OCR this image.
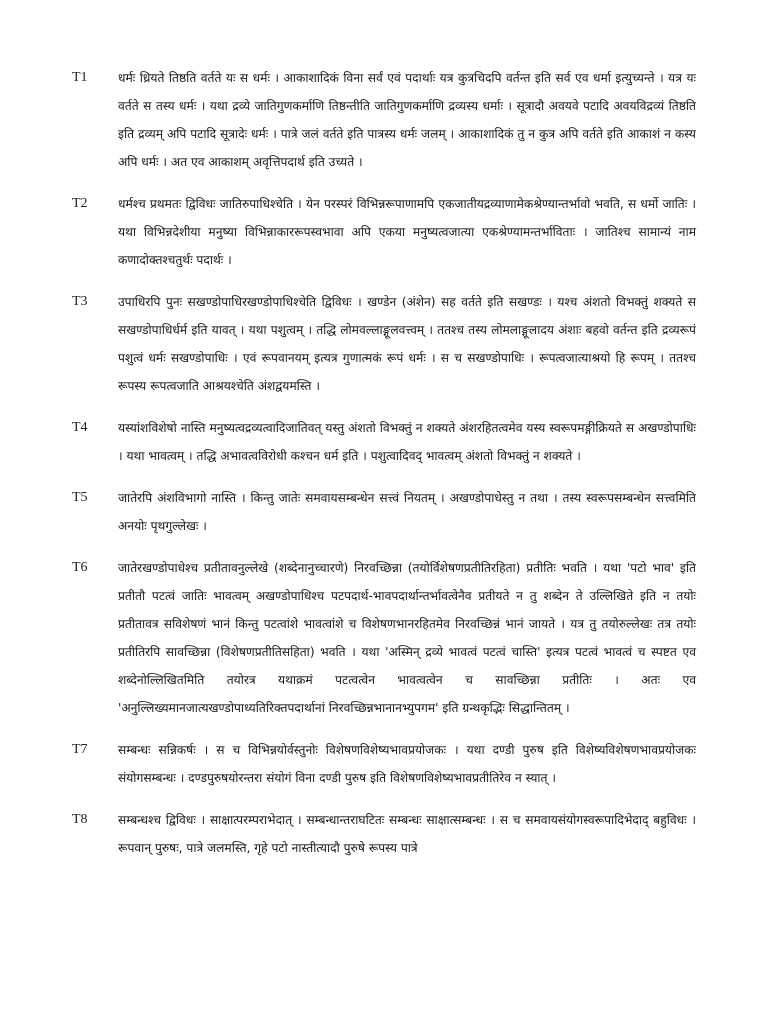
T1	धर्मः ध्रियते तिष्ठति वर्तते यः स धर्मः । आकाशादिकं विना सर्वं एवं पदार्थाः यत्र कुत्रचिदपि वर्तन्त इति सर्व एव धर्मा इत्युच्यन्ते । यत्र यः वर्तते स तस्य धर्मः । यथा द्रव्ये जातिगुणकर्माणि तिष्ठन्तीति जातिगुणकर्माणि द्रव्यस्य धर्माः । सूत्रादौ अवयवे पटादि अवयविद्रव्यं तिष्ठति इति द्रव्यम् अपि पटादि सूत्रादेः धर्मः । पात्रे जलं वर्तते इति पात्रस्य धर्मः जलम् । आकाशादिकं तु न कुत्र अपि वर्तते इति आकाशं न कस्य अपि धर्मः । अत एव आकाशम् अवृत्तिपदार्थ इति उच्यते ।
T2	धर्मश्च प्रथमतः द्विविधः जातिरुपाधिश्चेति । येन परस्परं विभिन्नरूपाणामपि एकजातीयद्रव्याणामेकश्रेण्यान्तर्भावो भवति, स धर्मो जातिः । यथा विभिन्नदेशीया मनुष्या विभिन्नाकाररूपस्वभावा अपि एकया मनुष्यत्वजात्या एकश्रेण्यामन्तर्भाविताः । जातिश्च सामान्यं नाम कणादोक्तश्चतुर्थः पदार्थः ।
T3	उपाधिरपि पुनः सखण्डोपाधिरखण्डोपाधिश्चेति द्विविधः । खण्डेन (अंशेन) सह वर्तते इति सखण्डः । यश्च अंशतो विभक्तुं शक्यते स सखण्डोपाधिर्धर्म इति यावत् । यथा पशुत्वम् । तद्धि लोमवल्लाङ्गूलवत्त्वम् । ततश्च तस्य लोमलाङ्गूलादय अंशाः बहवो वर्तन्त इति द्रव्यरूपं पशुत्वं धर्मः सखण्डोपाधिः । एवं रूपवानयम् इत्यत्र गुणात्मकं रूपं धर्मः । स च सखण्डोपाधिः । रूपत्वजात्याश्रयो हि रूपम् । ततश्च रूपस्य रूपत्वजाति आश्रयश्चेति अंशद्वयमस्ति ।
T4	यस्यांशविशेषो नास्ति मनुष्यत्वद्रव्यत्वादिजातिवत् यस्तु अंशतो विभक्तुं न शक्यते अंशरहितत्वमेव यस्य स्वरूपमङ्गीक्रियते स अखण्डोपाधिः । यथा भावत्वम् । तद्धि अभावत्वविरोधी कश्चन धर्म इति । पशुत्वादिवद् भावत्वम् अंशतो विभक्तुं न शक्यते ।
T5	जातेरपि अंशविभागो नास्ति । किन्तु जातेः समवायसम्बन्धेन सत्त्वं नियतम् । अखण्डोपाधेस्तु न तथा । तस्य स्वरूपसम्बन्धेन सत्त्वमिति अनयोः पृथगुल्लेखः ।
T6	जातेरखण्डोपाधेश्च प्रतीतावनुल्लेखे (शब्देनानुच्चारणे) निरवच्छिन्ना (तयोर्विशेषणप्रतीतिरहिता) प्रतीतिः भवति । यथा 'पटो भाव' इति प्रतीतौ पटत्वं जातिः भावत्वम् अखण्डोपाधिश्च पटपदार्थ-भावपदार्थान्तर्भावत्वेनैव प्रतीयते न तु शब्देन ते उल्लिखिते इति न तयोः प्रतीतावत्र सविशेषणं भानं किन्तु पटत्वांशे भावत्वांशे च विशेषणभानरहितमेव निरवच्छिन्नं भानं जायते । यत्र तु तयोरुल्लेखः तत्र तयोः प्रतीतिरपि सावच्छिन्ना (विशेषणप्रतीतिसहिता) भवति । यथा 'अस्मिन् द्रव्ये भावत्वं पटत्वं चास्ति' इत्यत्र पटत्वं भावत्वं च स्पष्टत एव शब्देनोल्लिखितमिति तयोरत्र यथाक्रमं पटत्वत्वेन भावत्वत्वेन च सावच्छिन्ना प्रतीतिः । अतः एव 'अनुल्लिख्यमानजात्यखण्डोपाध्यतिरिक्तपदार्थानां निरवच्छिन्नभानानभ्युपगम' इति ग्रन्थकृद्भिः सिद्धान्तितम् ।
T7	सम्बन्धः सन्निकर्षः । स च विभिन्नयोर्वस्तुनोः विशेषणविशेष्यभावप्रयोजकः । यथा दण्डी पुरुष इति विशेष्यविशेषणभावप्रयोजकः संयोगसम्बन्धः । दण्डपुरुषयोरन्तरा संयोगं विना दण्डी पुरुष इति विशेषणविशेष्यभावप्रतीतिरेव न स्यात् ।
T8	सम्बन्धश्च द्विविधः । साक्षात्परम्पराभेदात् । सम्बन्धान्तराघटितः सम्बन्धः साक्षात्सम्बन्धः । स च समवायसंयोगस्वरूपादिभेदाद् बहुविधः । रूपवान् पुरुषः, पात्रे जलमस्ति, गृहे पटो नास्तीत्यादौ पुरुषे रूपस्य पात्रे
